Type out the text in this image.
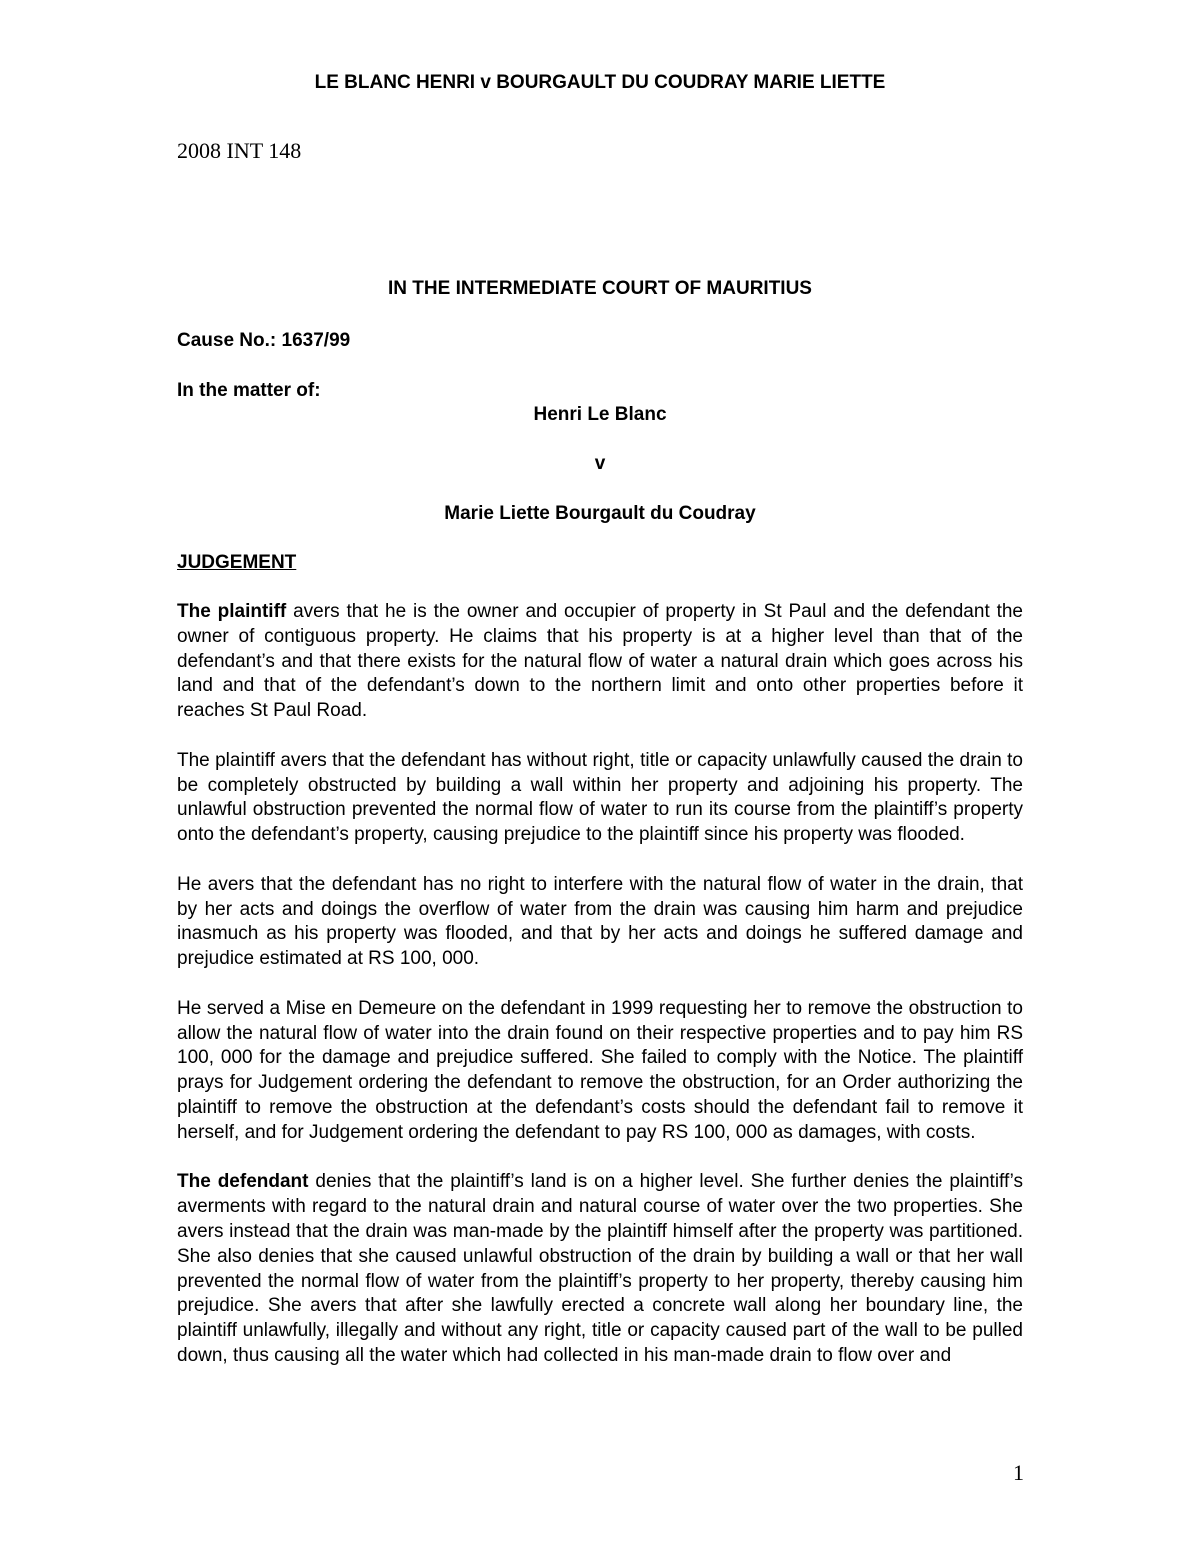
LE BLANC HENRI v BOURGAULT DU COUDRAY MARIE LIETTE
2008 INT 148
IN THE INTERMEDIATE COURT OF MAURITIUS
Cause No.: 1637/99
In the matter of:
Henri Le Blanc
v
Marie Liette Bourgault du Coudray
JUDGEMENT

The plaintiff avers that he is the owner and occupier of property in St Paul and the defendant the owner of contiguous property. He claims that his property is at a higher level than that of the defendant’s and that there exists for the natural flow of water a natural drain which goes across his land and that of the defendant’s down to the northern limit and onto other properties before it reaches St Paul Road.

The plaintiff avers that the defendant has without right, title or capacity unlawfully caused the drain to be completely obstructed by building a wall within her property and adjoining his property. The unlawful obstruction prevented the normal flow of water to run its course from the plaintiff’s property onto the defendant’s property, causing prejudice to the plaintiff since his property was flooded.

He avers that the defendant has no right to interfere with the natural flow of water in the drain, that by her acts and doings the overflow of water from the drain was causing him harm and prejudice inasmuch as his property was flooded, and that by her acts and doings he suffered damage and prejudice estimated at RS 100, 000.

He served a Mise en Demeure on the defendant in 1999 requesting her to remove the obstruction to allow the natural flow of water into the drain found on their respective properties and to pay him RS 100, 000 for the damage and prejudice suffered. She failed to comply with the Notice. The plaintiff prays for Judgement ordering the defendant to remove the obstruction, for an Order authorizing the plaintiff to remove the obstruction at the defendant’s costs should the defendant fail to remove it herself, and for Judgement ordering the defendant to pay RS 100, 000 as damages, with costs.

The defendant denies that the plaintiff’s land is on a higher level. She further denies the plaintiff’s averments with regard to the natural drain and natural course of water over the two properties. She avers instead that the drain was man-made by the plaintiff himself after the property was partitioned. She also denies that she caused unlawful obstruction of the drain by building a wall or that her wall prevented the normal flow of water from the plaintiff’s property to her property, thereby causing him prejudice. She avers that after she lawfully erected a concrete wall along her boundary line, the plaintiff unlawfully, illegally and without any right, title or capacity caused part of the wall to be pulled down, thus causing all the water which had collected in his man-made drain to flow over and

1
